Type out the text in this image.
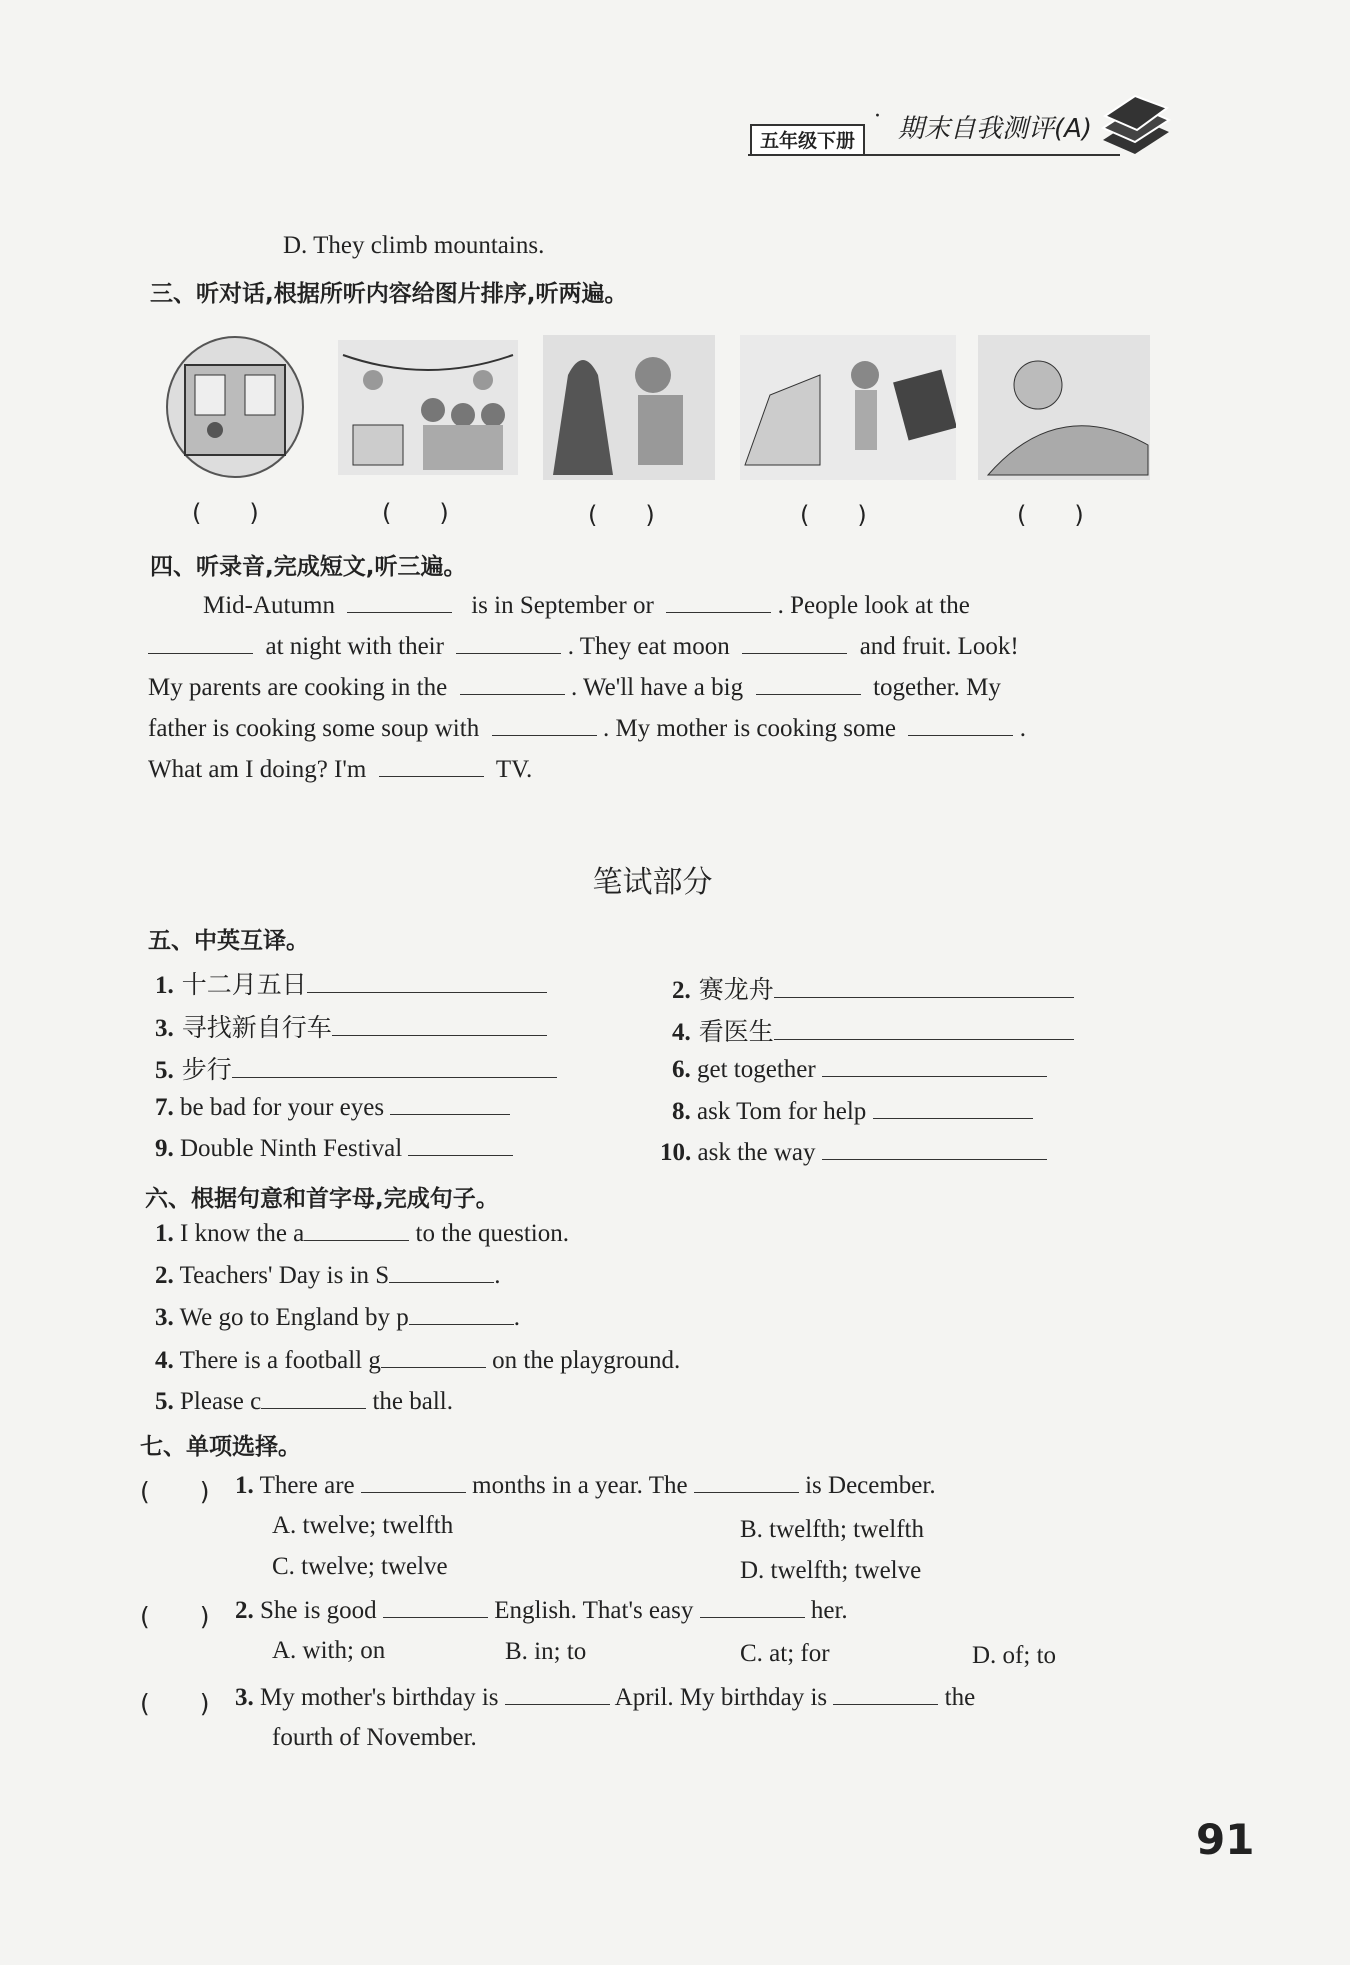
五年级下册
· 期末自我测评(A)
D. They climb mountains.
三、听对话,根据所听内容给图片排序,听两遍。
(　　)	(　　)	(　　)	(　　)	(　　)
四、听录音,完成短文,听三遍。

Mid-Autumn	is in September or	. People look at the

at night with their	. They eat moon	and fruit. Look!

My parents are cooking in the	. We'll have a big	together. My

father is cooking some soup with	. My mother is cooking some	.

What am I doing? I'm	TV.

笔试部分
五、中英互译。
1. 十二月五日	2. 赛龙舟
3. 寻找新自行车	4. 看医生
5. 步行	6. get together
7. be bad for your eyes	8. ask Tom for help
9. Double Ninth Festival	10. ask the way
六、根据句意和首字母,完成句子。
1. I know the a	to the question.
2. Teachers' Day is in S	.
3. We go to England by p	.
4. There is a football g	on the playground.
5. Please c	the ball.
七、单项选择。
(　　) 1. There are	months in a year. The	is December.
A. twelve; twelfth	B. twelfth; twelfth
C. twelve; twelve	D. twelfth; twelve
(　　) 2. She is good	English. That's easy	her.
A. with; on	B. in; to	C. at; for	D. of; to
(　　) 3. My mother's birthday is	April. My birthday is	the
fourth of November.
91
